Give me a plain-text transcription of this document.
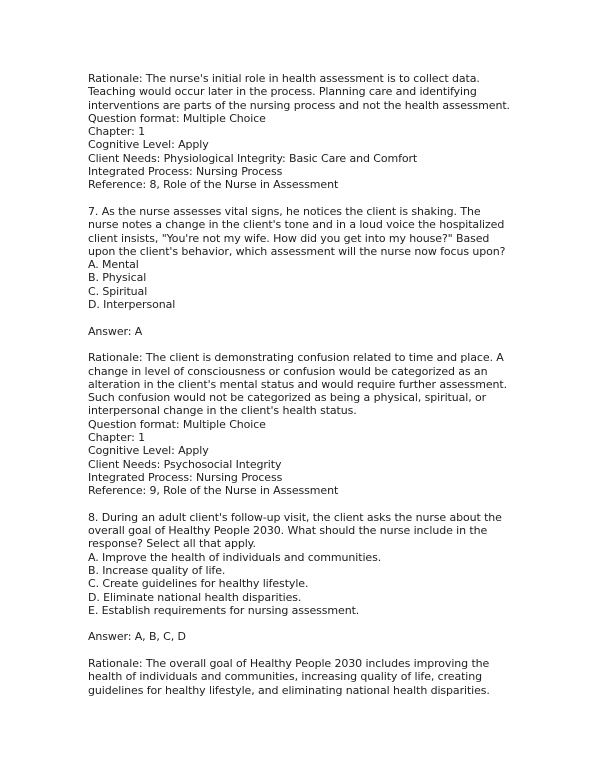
Rationale: The nurse's initial role in health assessment is to collect data.
Teaching would occur later in the process. Planning care and identifying
interventions are parts of the nursing process and not the health assessment.
Question format: Multiple Choice
Chapter: 1
Cognitive Level: Apply
Client Needs: Physiological Integrity: Basic Care and Comfort
Integrated Process: Nursing Process
Reference: 8, Role of the Nurse in Assessment
7. As the nurse assesses vital signs, he notices the client is shaking. The
nurse notes a change in the client's tone and in a loud voice the hospitalized
client insists, "You're not my wife. How did you get into my house?" Based
upon the client's behavior, which assessment will the nurse now focus upon?
A. Mental
B. Physical
C. Spiritual
D. Interpersonal
Answer: A
Rationale: The client is demonstrating confusion related to time and place. A
change in level of consciousness or confusion would be categorized as an
alteration in the client's mental status and would require further assessment.
Such confusion would not be categorized as being a physical, spiritual, or
interpersonal change in the client's health status.
Question format: Multiple Choice
Chapter: 1
Cognitive Level: Apply
Client Needs: Psychosocial Integrity
Integrated Process: Nursing Process
Reference: 9, Role of the Nurse in Assessment
8. During an adult client's follow-up visit, the client asks the nurse about the
overall goal of Healthy People 2030. What should the nurse include in the
response? Select all that apply.
A. Improve the health of individuals and communities.
B. Increase quality of life.
C. Create guidelines for healthy lifestyle.
D. Eliminate national health disparities.
E. Establish requirements for nursing assessment.
Answer: A, B, C, D
Rationale: The overall goal of Healthy People 2030 includes improving the
health of individuals and communities, increasing quality of life, creating
guidelines for healthy lifestyle, and eliminating national health disparities.
